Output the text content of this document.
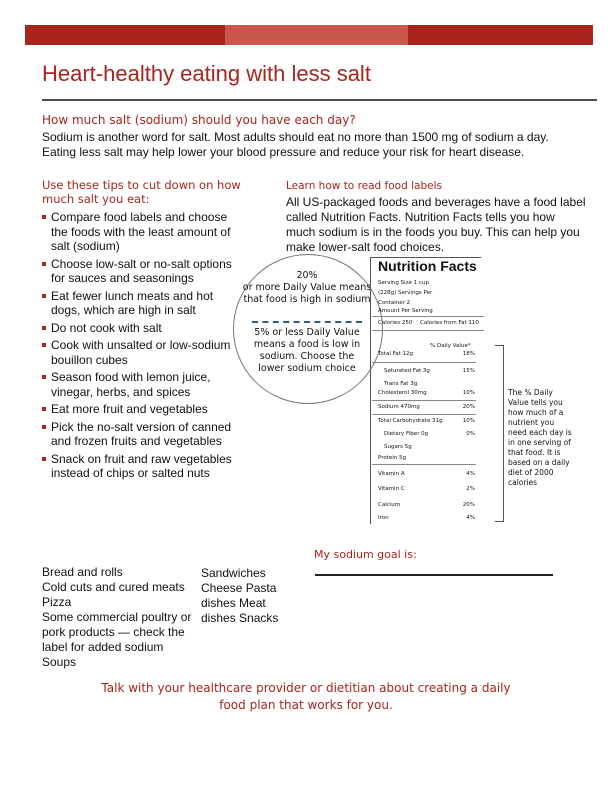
Heart-healthy eating with less salt
How much salt (sodium) should you have each day?
Sodium is another word for salt. Most adults should eat no more than 1500 mg of sodium a day.
Eating less salt may help lower your blood pressure and reduce your risk for heart disease.
Use these tips to cut down on how much salt you eat:
Compare food labels and choose the foods with the least amount of salt (sodium)
Choose low-salt or no-salt options for sauces and seasonings
Eat fewer lunch meats and hot dogs, which are high in salt
Do not cook with salt
Cook with unsalted or low-sodium bouillon cubes
Season food with lemon juice, vinegar, herbs, and spices
Eat more fruit and vegetables
Pick the no-salt version of canned and frozen fruits and vegetables
Snack on fruit and raw vegetables instead of chips or salted nuts
Learn how to read food labels
All US-packaged foods and beverages have a food label called Nutrition Facts. Nutrition Facts tells you how much sodium is in the foods you buy. This can help you make lower-salt food choices.
20%
or more Daily Value means that food is high in sodium
5% or less Daily Value means a food is low in sodium. Choose the lower sodium choice
Nutrition Facts
Serving Size 1 cup
(228g) Servings Per
Container 2
Amount Per Serving
Calories 250 Calories from Fat 110
% Daily Value*
Total Fat 12g	18%
Saturated Fat 3g	15%
Trans Fat 3g
Cholesterol 30mg	10%
Sodium 470mg	20%
Total Carbohydrate 31g	10%
Dietary Fiber 0g	0%
Sugars 5g
Protein 5g
Vitamin A	4%
Vitamin C	2%
Calcium	20%
Iron	4%
The % Daily Value tells you how much of a nutrient you need each day is in one serving of that food. It is based on a daily diet of 2000 calories
My sodium goal is:
Bread and rolls
Cold cuts and cured meats Pizza
Some commercial poultry or pork products — check the label for added sodium
Soups
Sandwiches
Cheese Pasta dishes Meat dishes Snacks
Talk with your healthcare provider or dietitian about creating a daily food plan that works for you.
